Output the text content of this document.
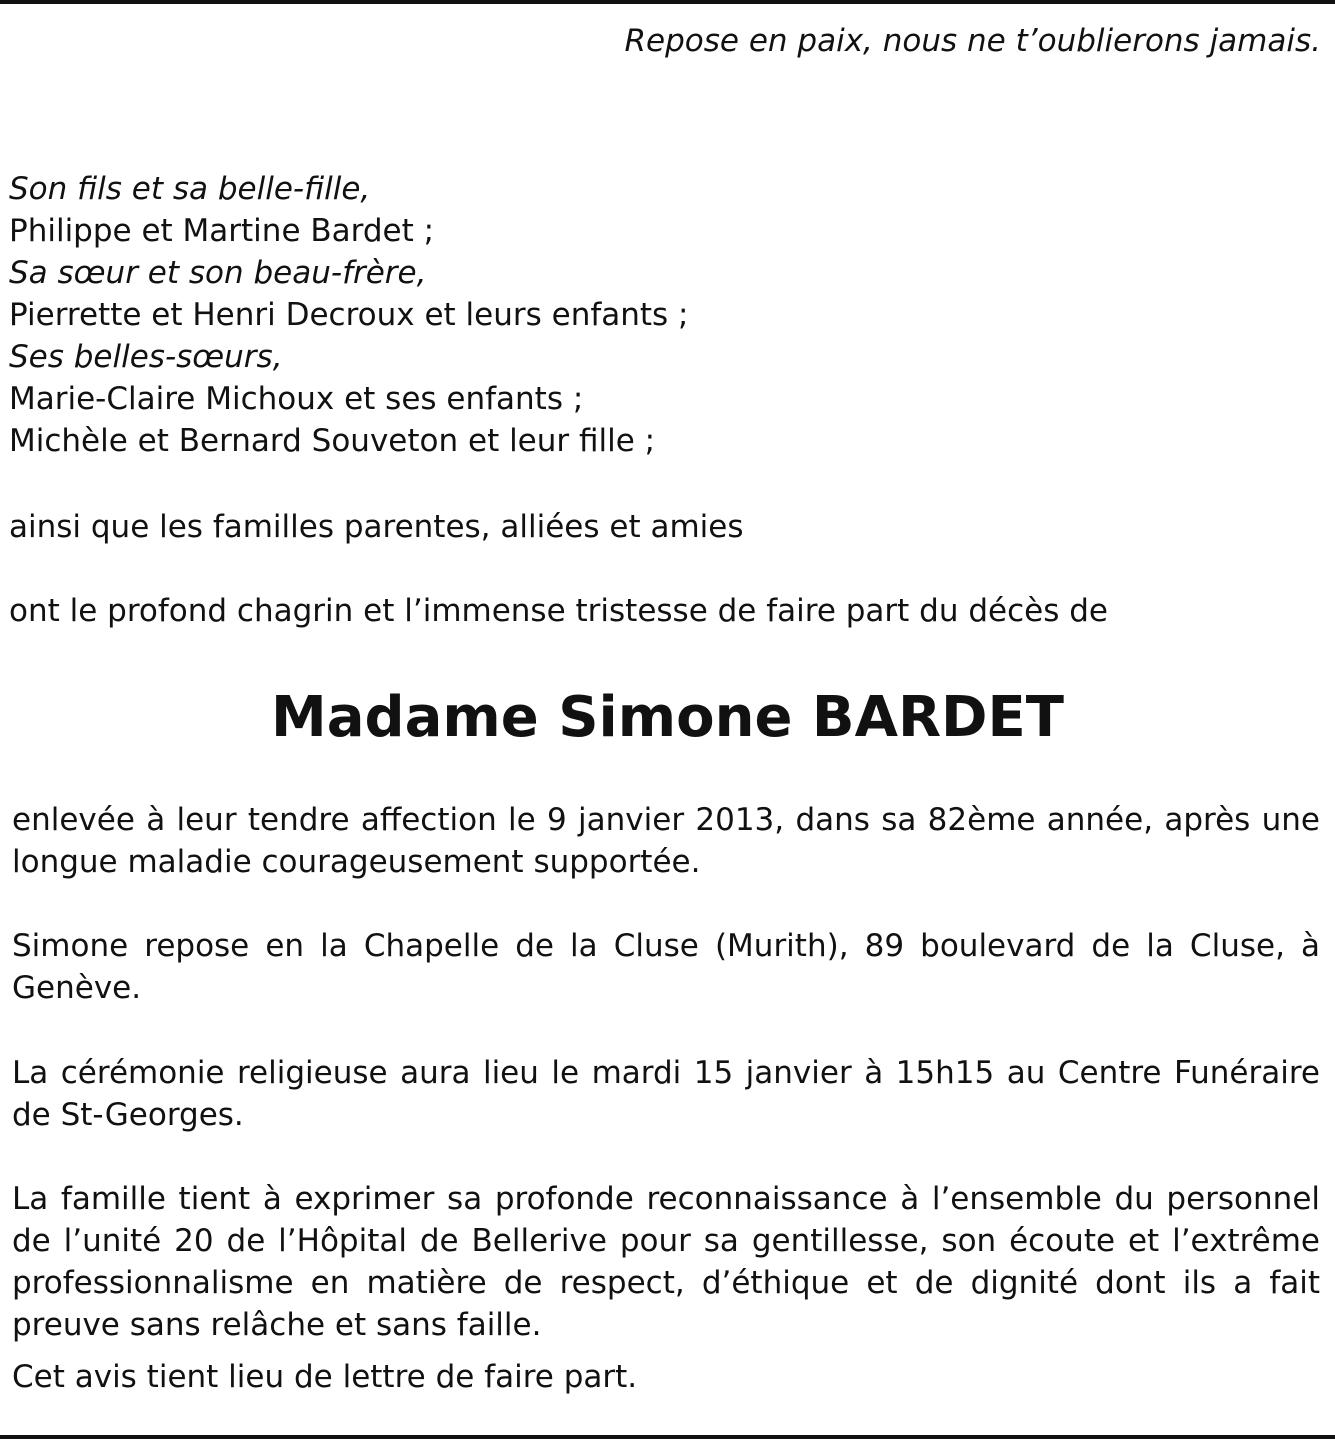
Repose en paix, nous ne t’oublierons jamais.
Son fils et sa belle-fille,
Philippe et Martine Bardet ;
Sa sœur et son beau-frère,
Pierrette et Henri Decroux et leurs enfants ;
Ses belles-sœurs,
Marie-Claire Michoux et ses enfants ;
Michèle et Bernard Souveton et leur fille ;
ainsi que les familles parentes, alliées et amies
ont le profond chagrin et l’immense tristesse de faire part du décès de
Madame Simone BARDET
enlevée à leur tendre affection le 9 janvier 2013, dans sa 82ème année, après une longue maladie courageusement supportée.
Simone repose en la Chapelle de la Cluse (Murith), 89 boulevard de la Cluse, à Genève.
La cérémonie religieuse aura lieu le mardi 15 janvier à 15h15 au Centre Funéraire de St-Georges.
La famille tient à exprimer sa profonde reconnaissance à l’ensemble du personnel de l’unité 20 de l’Hôpital de Bellerive pour sa gentillesse, son écoute et l’extrême professionnalisme en matière de respect, d’éthique et de dignité dont ils a fait preuve sans relâche et sans faille.
Cet avis tient lieu de lettre de faire part.
